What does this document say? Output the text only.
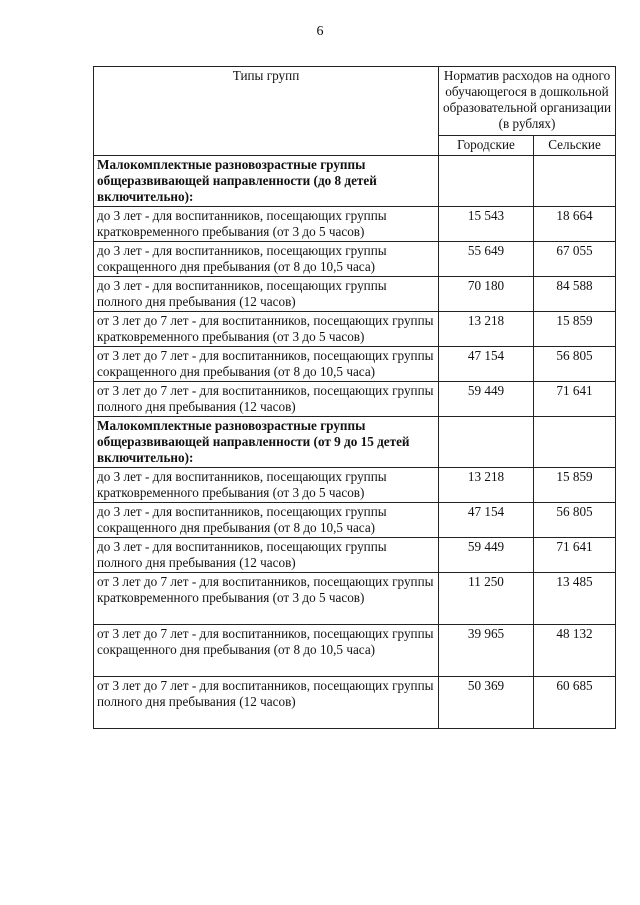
6
Типы групп	Норматив расходов на одного обучающегося в дошкольной образовательной организации (в рублях)	
	Городские	Сельские
Малокомплектные разновозрастные группы общеразвивающей направленности (до 8 детей включительно):		
до 3 лет - для воспитанников, посещающих группы кратковременного пребывания (от 3 до 5 часов)	15 543	18 664
до 3 лет - для воспитанников, посещающих группы сокращенного дня пребывания (от 8 до 10,5 часа)	55 649	67 055
до 3 лет - для воспитанников, посещающих группы полного дня пребывания (12 часов)	70 180	84 588
от 3 лет до 7 лет - для воспитанников, посещающих группы кратковременного пребывания (от 3 до 5 часов)	13 218	15 859
от 3 лет до 7 лет - для воспитанников, посещающих группы сокращенного дня пребывания (от 8 до 10,5 часа)	47 154	56 805
от 3 лет до 7 лет - для воспитанников, посещающих группы полного дня пребывания (12 часов)	59 449	71 641
Малокомплектные разновозрастные группы общеразвивающей направленности (от 9 до 15 детей включительно):		
до 3 лет - для воспитанников, посещающих группы кратковременного пребывания (от 3 до 5 часов)	13 218	15 859
до 3 лет - для воспитанников, посещающих группы сокращенного дня пребывания (от 8 до 10,5 часа)	47 154	56 805
до 3 лет - для воспитанников, посещающих группы полного дня пребывания (12 часов)	59 449	71 641
от 3 лет до 7 лет - для воспитанников, посещающих группы кратковременного пребывания (от 3 до 5 часов)	11 250	13 485
от 3 лет до 7 лет - для воспитанников, посещающих группы сокращенного дня пребывания (от 8 до 10,5 часа)	39 965	48 132
от 3 лет до 7 лет - для воспитанников, посещающих группы полного дня пребывания (12 часов)	50 369	60 685
